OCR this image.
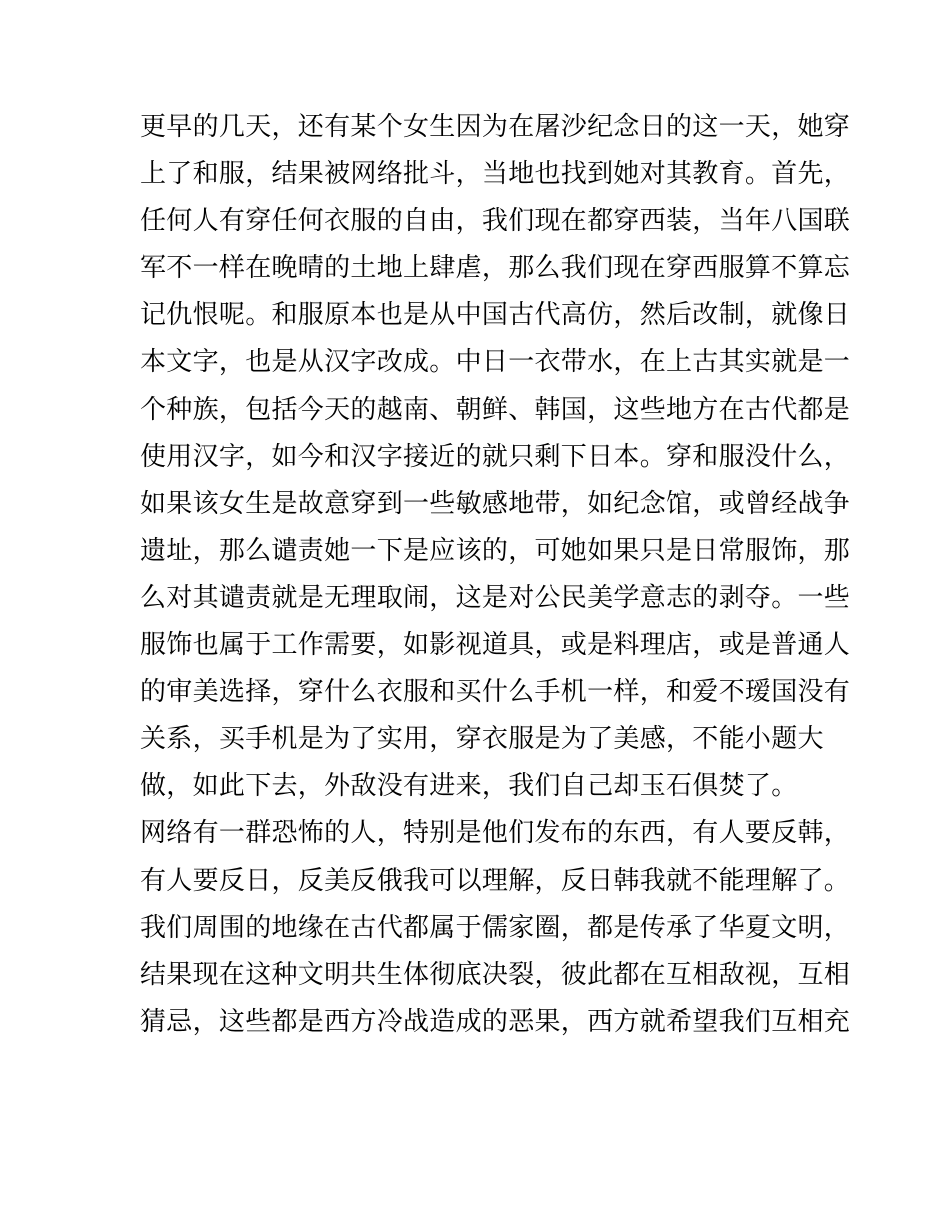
更早的几天，还有某个女生因为在屠沙纪念日的这一天，她穿
上了和服，结果被网络批斗，当地也找到她对其教育。首先，
任何人有穿任何衣服的自由，我们现在都穿西装，当年八国联
军不一样在晚晴的土地上肆虐，那么我们现在穿西服算不算忘
记仇恨呢。和服原本也是从中国古代高仿，然后改制，就像日
本文字，也是从汉字改成。中日一衣带水，在上古其实就是一
个种族，包括今天的越南、朝鲜、韩国，这些地方在古代都是
使用汉字，如今和汉字接近的就只剩下日本。穿和服没什么，
如果该女生是故意穿到一些敏感地带，如纪念馆，或曾经战争
遗址，那么谴责她一下是应该的，可她如果只是日常服饰，那
么对其谴责就是无理取闹，这是对公民美学意志的剥夺。一些
服饰也属于工作需要，如影视道具，或是料理店，或是普通人
的审美选择，穿什么衣服和买什么手机一样，和爱不瑷国没有
关系，买手机是为了实用，穿衣服是为了美感，不能小题大
做，如此下去，外敌没有进来，我们自己却玉石俱焚了。
网络有一群恐怖的人，特别是他们发布的东西，有人要反韩，
有人要反日，反美反俄我可以理解，反日韩我就不能理解了。
我们周围的地缘在古代都属于儒家圈，都是传承了华夏文明，
结果现在这种文明共生体彻底决裂，彼此都在互相敌视，互相
猜忌，这些都是西方冷战造成的恶果，西方就希望我们互相充
